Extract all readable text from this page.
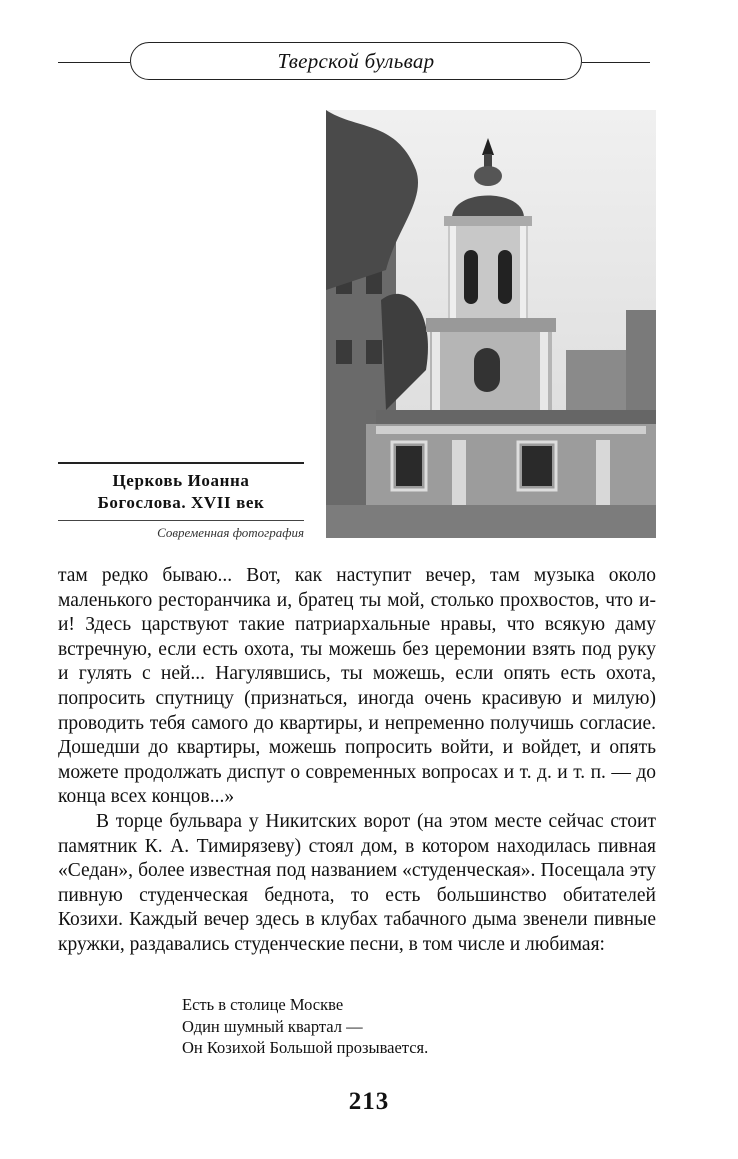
Тверской бульвар
Церковь Иоанна
Богослова. XVII век
Современная фотография

там редко бываю... Вот, как наступит вечер, там музыка около маленького ресторанчика и, братец ты мой, столько прохвостов, что и-и! Здесь царствуют такие патриархальные нравы, что всякую даму встречную, если есть охота, ты можешь без церемонии взять под руку и гулять с ней... Нагулявшись, ты можешь, если опять есть охота, попросить спутницу (признаться, иногда очень красивую и милую) проводить тебя самого до квартиры, и непременно получишь согласие. Дошедши до квартиры, можешь попросить войти, и войдет, и опять можете продолжать диспут о современных вопросах и т. д. и т. п. — до конца всех концов...»

В торце бульвара у Никитских ворот (на этом месте сейчас стоит памятник К. А. Тимирязеву) стоял дом, в котором находилась пивная «Седан», более известная под названием «студенческая». Посещала эту пивную студенческая беднота, то есть большинство обитателей Козихи. Каждый вечер здесь в клубах табачного дыма звенели пивные кружки, раздавались студенческие песни, в том числе и любимая:

Есть в столице Москве
Один шумный квартал —
Он Козихой Большой прозывается.
213
